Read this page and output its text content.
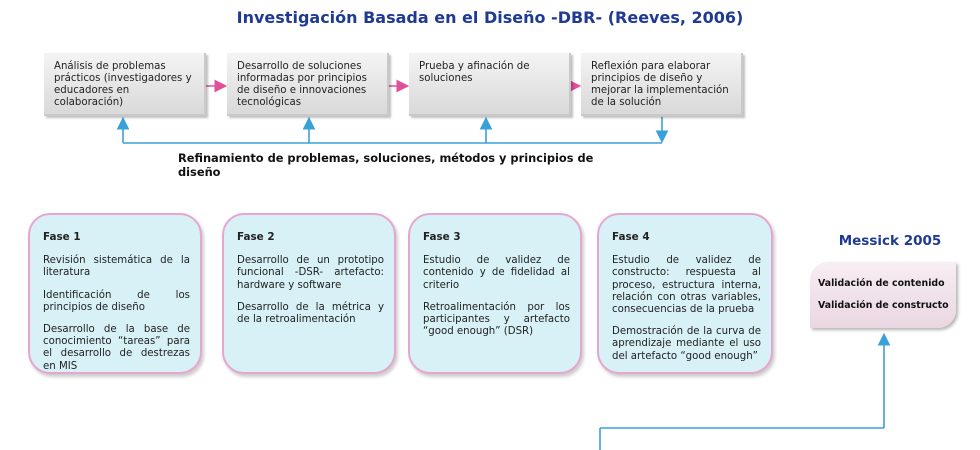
Investigación Basada en el Diseño -DBR- (Reeves, 2006)
Análisis de problemas prácticos (investigadores y educadores en colaboración)
Desarrollo de soluciones informadas por principios de diseño e innovaciones tecnológicas
Prueba y afinación de soluciones
Reflexión para elaborar principios de diseño y mejorar la implementación de la solución
Refinamiento de problemas, soluciones, métodos y principios de diseño
Fase 1

Revisión sistemática de la literatura

Identificación de los principios de diseño

Desarrollo de la base de conocimiento “tareas” para el desarrollo de destrezas en MIS

Fase 2

Desarrollo de un prototipo funcional -DSR- artefacto: hardware y software

Desarrollo de la métrica y de la retroalimentación

Fase 3

Estudio de validez de contenido y de fidelidad al criterio

Retroalimentación por los participantes y artefacto “good enough” (DSR)

Fase 4

Estudio de validez de constructo: respuesta al proceso, estructura interna, relación con otras variables, consecuencias de la prueba

Demostración de la curva de aprendizaje mediante el uso del artefacto “good enough”

Messick 2005
Validación de contenido
Validación de constructo
